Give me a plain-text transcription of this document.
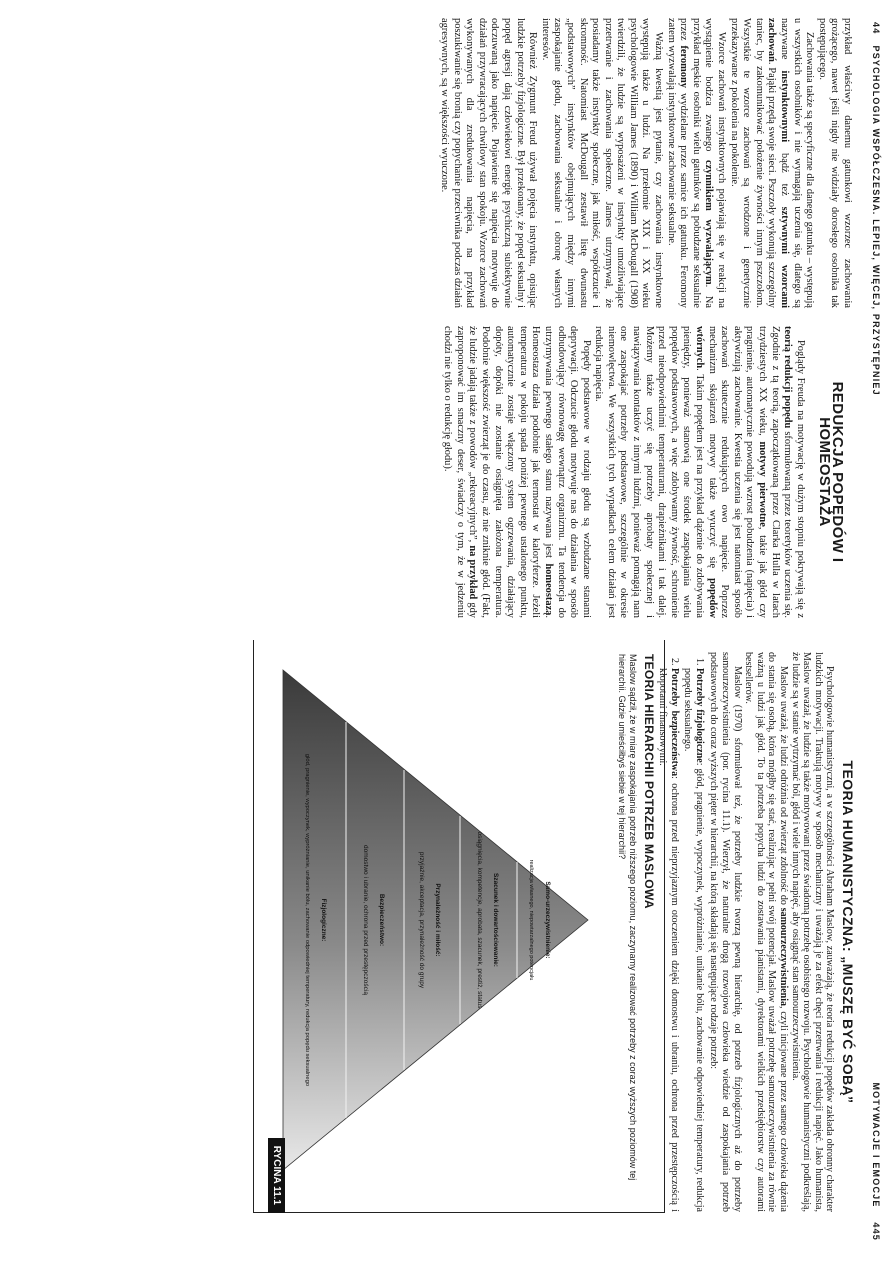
44   PSYCHOLOGIA WSPÓŁCZESNA. LEPIEJ, WIĘCEJ, PRZYSTĘPNIEJ

przykład właściwy danemu gatunkowi wzorzec zachowania grożącego, nawet jeśli nigdy nie widziały dorosłego osobnika tak postępującego.

Zachowania także są specyficzne dla danego gatunku – występują u wszystkich osobników i nie wymagają uczenia się, dlatego są nazywane instynktownymi bądź też sztywnymi wzorcami zachowań. Pająki przędą swoje sieci. Pszczoły wykonują szczególny taniec, by zakomunikować położenie żywności innym pszczołom. Wszystkie te wzorce zachowań są wrodzone i genetycznie przekazywane z pokolenia na pokolenie.

Wzorce zachowań instynktownych pojawiają się w reakcji na wystąpienie bodźca zwanego czynnikiem wyzwalającym. Na przykład męskie osobniki wielu gatunków są pobudzane seksualnie przez feromony wydzielane przez samice ich gatunku. Feromony zatem wyzwalają instynktowne zachowanie seksualne.

Ważną kwestią jest pytanie, czy zachowania instynktowne występują także u ludzi. Na przełomie XIX i XX wieku psychologowie William James (1890) i William McDougall (1908) twierdzili, że ludzie są wyposażeni w instynkty umożliwiające przetrwanie i zachowania społeczne. James utrzymywał, że posiadamy także instynkty społeczne, jak miłość, współczucie i skromność. Natomiast McDougall zestawił listę dwunastu „podstawowych” instynktów obejmujących między innymi zaspokajanie głodu, zachowania seksualne i obronę własnych interesów.

Również Zygmunt Freud używał pojęcia instynktu, opisując ludzkie potrzeby fizjologiczne. Był przekonany, że popęd seksualny i popęd agresji dają człowiekowi energię psychiczną subiektywnie odczuwaną jako napięcie. Pojawienie się napięcia motywuje do działań przywracających chwilowy stan spokoju. Wzorce zachowań wykonywanych dla zredukowania napięcia, na przykład poszukiwanie się bronią czy popychanie przeciwnika podczas działań agresywnych, są w większości wyuczone.

REDUKCJA POPĘDÓW I HOMEOSTAZA

Poglądy Freuda na motywację w dużym stopniu pokrywają się z teorią redukcji popędu sformułowaną przez teoretyków uczenia się. Zgodnie z tą teorią, zapoczątkowaną przez Clarka Hulla w latach trzydziestych XX wieku, motywy pierwotne, takie jak głód czy pragnienie, automatycznie powodują wzrost pobudzenia (napięcia) i aktywizują zachowanie. Kwestia uczenia się jest natomiast sposób zachowań skutecznie redukujących owo napięcie. Poprzez mechanizm skojarzeń motywy także wyuczyć się popędów wtórnych. Takim popędem jest na przykład dążenie do zdobywania pieniędzy, ponieważ stanowią one środek zaspokajania wielu popędów podstawowych, a więc zdobywamy żywność, schronienie przed nieodpowiednimi temperaturami, drapieżnikami i tak dalej. Możemy także uczyć się potrzeby aprobaty społecznej i nawiązywania kontaktów z innymi ludźmi, ponieważ pomagają nam one zaspokajać potrzeby podstawowe, szczególnie w okresie niemowlęctwa. We wszystkich tych wypadkach celem działań jest redukcja napięcia.

Popędy podstawowe w rodzaju głodu są wzbudzane stanami deprywacji. Odczucie głodu motywuje nas do działania w sposób odbudowujący równowagę wewnątrz organizmu. Ta tendencja do utrzymywania pewnego stałego stanu nazywana jest homeostazą. Homeostaza działa podobnie jak termostat w kaloryferze. Jeżeli temperatura w pokoju spada poniżej pewnego ustalonego punktu, automatycznie zostaje włączony system ogrzewania, działający dopóty, dopóki nie zostanie osiągnięta założona temperatura. Podobnie większość zwierząt je do czasu, aż nie zniknie głód. (Fakt, że ludzie jadają także z powodów „rekreacyjnych”, na przykład gdy zaproponować im smaczny deser, świadczy o tym, że w jedzeniu chodzi nie tylko o redukcję głodu).

MOTYWACJE I EMOCJE    445
TEORIA HUMANISTYCZNA: „MUSZĘ BYĆ SOBĄ”

Psychologowie humanistyczni, a w szczególności Abraham Maslow, zauważają, że teoria redukcji popędów zakłada obronny charakter ludzkich motywacji. Traktują motywy w sposób mechaniczny i uważają je za efekt chęci przetrwania i redukcji napięć. Jako humanista, Maslow uważał, że ludzie są także motywowani przez świadomą potrzebę osobistego rozwoju. Psychologowie humanistyczni podkreślają, że ludzie są w stanie wytrzymać ból, głód i wiele innych napięć, aby osiągnąć stan samourzeczywistnienia.

Maslow uważał, że ludzi odróżnia od zwierząt zdolność do samourzeczywistnienia, czyli inicjowane przez samego człowieka dążenia do stania się osobą, która mógłby się stać, realizując w pełni swój potencjał. Maslow uważał potrzebę samourzeczywistnienia za równie ważną u ludzi jak głód. To ta potrzeba popycha ludzi do zostawania pianistami, dyrektorami wielkich przedsiębiorstw czy autorami bestsellerów.

Maslow (1970) sformułował też, że potrzeby ludzkie tworzą pewną hierarchię, od potrzeb fizjologicznych aż do potrzeby samourzeczywistnienia (por. rycina 11.1). Wierzył, że naturalne drogą rozwojowa człowieka wiedzie od zaspokajania potrzeb podstawowych do coraz wyższych pięter w hierarchii, na którą składają się następujące rodzaje potrzeb:

1. Potrzeby fizjologiczne: głód, pragnienie, wypoczynek, wypróżnianie, unikanie bólu, zachowanie odpowiedniej temperatury, redukcja popędu seksualnego.
2. Potrzeby bezpieczeństwa: ochrona przed nieprzyjaznym otoczeniem dzięki domostwu i ubraniu, ochrona przed przestępczością i kłopotami finansowymi.
TEORIA HIERARCHII POTRZEB MASLOWA
Maslow sądził, że w miarę zaspokajania potrzeb niższego poziomu, zaczynamy realizować potrzeby z coraz wyższych poziomów tej hierarchii. Gdzie umieściłbyś siebie w tej hierarchii?
Samo-urzeczywistnienie:
realizacja własnego, niepowtarzalnego potencjału
Szacunek i dowartościowanie:
osiągnięcia, kompetencje, aprobata, szacunek, prestiż, status
Przynależność i miłość:
przyjaźnie, akceptacja, przynależność do grupy
Bezpieczeństwo:
domostwo i ubranie, ochrona przed przestępczością
Fizjologiczne:
głód, pragnienie, wypoczynek, wypróżnianie, unikanie bólu, zachowanie odpowiedniej temperatury, redukcja popędu seksualnego
RYCINA 11.1
